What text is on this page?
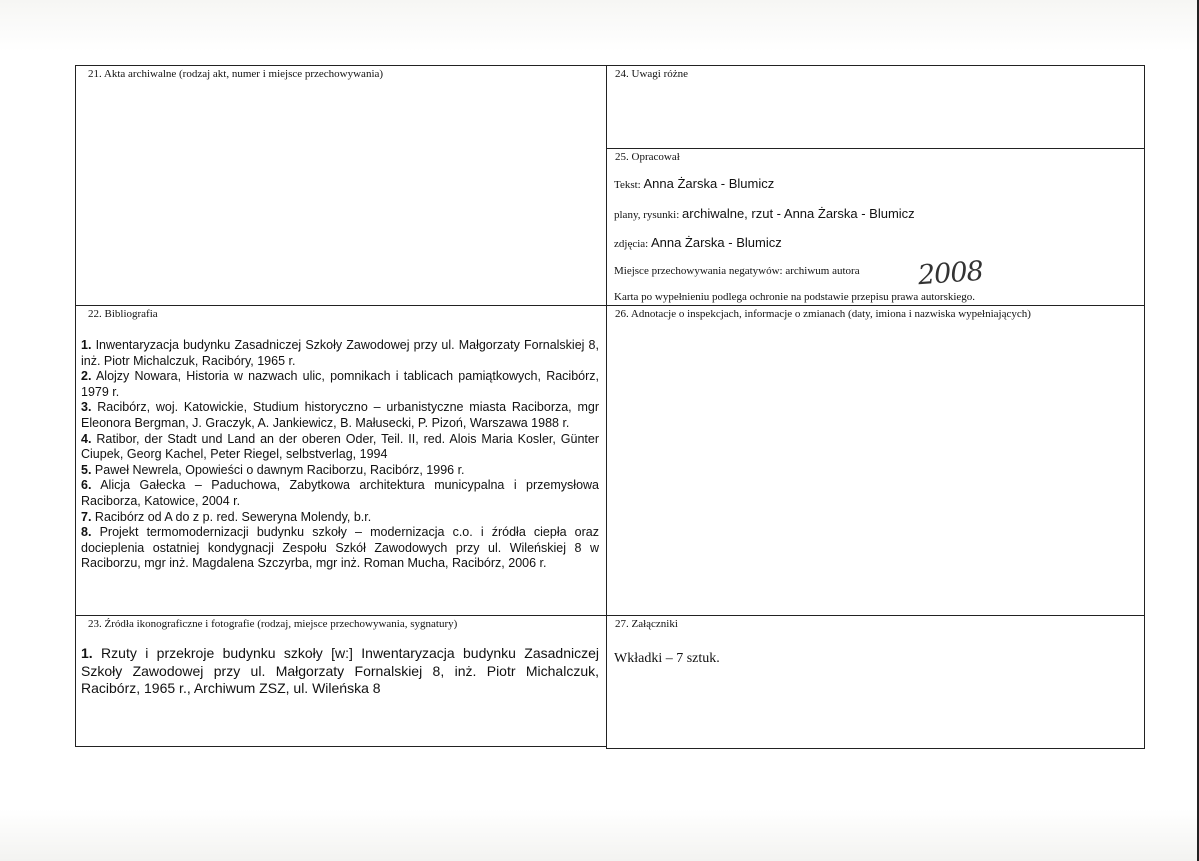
21. Akta archiwalne (rodzaj akt, numer i miejsce przechowywania)
22. Bibliografia

1. Inwentaryzacja budynku Zasadniczej Szkoły Zawodowej przy ul. Małgorzaty Fornalskiej 8, inż. Piotr Michalczuk, Racibóry, 1965 r.

2. Alojzy Nowara, Historia w nazwach ulic, pomnikach i tablicach pamiątkowych, Racibórz, 1979 r.

3. Racibórz, woj. Katowickie, Studium historyczno – urbanistyczne miasta Raciborza, mgr Eleonora Bergman, J. Graczyk, A. Jankiewicz, B. Małusecki, P. Pizoń, Warszawa 1988 r.

4. Ratibor, der Stadt und Land an der oberen Oder, Teil. II, red. Alois Maria Kosler, Günter Ciupek, Georg Kachel, Peter Riegel, selbstverlag, 1994

5. Paweł Newrela, Opowieści o dawnym Raciborzu, Racibórz, 1996 r.

6. Alicja Gałecka – Paduchowa, Zabytkowa architektura municypalna i przemysłowa Raciborza, Katowice, 2004 r.

7. Racibórz od A do z p. red. Seweryna Molendy, b.r.

8. Projekt termomodernizacji budynku szkoły – modernizacja c.o. i źródła ciepła oraz docieplenia ostatniej kondygnacji Zespołu Szkół Zawodowych przy ul. Wileńskiej 8 w Raciborzu, mgr inż. Magdalena Szczyrba, mgr inż. Roman Mucha, Racibórz, 2006 r.

23. Źródła ikonograficzne i fotografie (rodzaj, miejsce przechowywania, sygnatury)
1. Rzuty i przekroje budynku szkoły [w:] Inwentaryzacja budynku Zasadniczej Szkoły Zawodowej przy ul. Małgorzaty Fornalskiej 8, inż. Piotr Michalczuk, Racibórz, 1965 r., Archiwum ZSZ, ul. Wileńska 8
24. Uwagi różne
25. Opracował
Tekst: Anna Żarska - Blumicz
plany, rysunki: archiwalne, rzut - Anna Żarska - Blumicz
zdjęcia: Anna Żarska - Blumicz
Miejsce przechowywania negatywów: archiwum autora 2008
Karta po wypełnieniu podlega ochronie na podstawie przepisu prawa autorskiego.
26. Adnotacje o inspekcjach, informacje o zmianach (daty, imiona i nazwiska wypełniających)
27. Załączniki
Wkładki – 7 sztuk.
